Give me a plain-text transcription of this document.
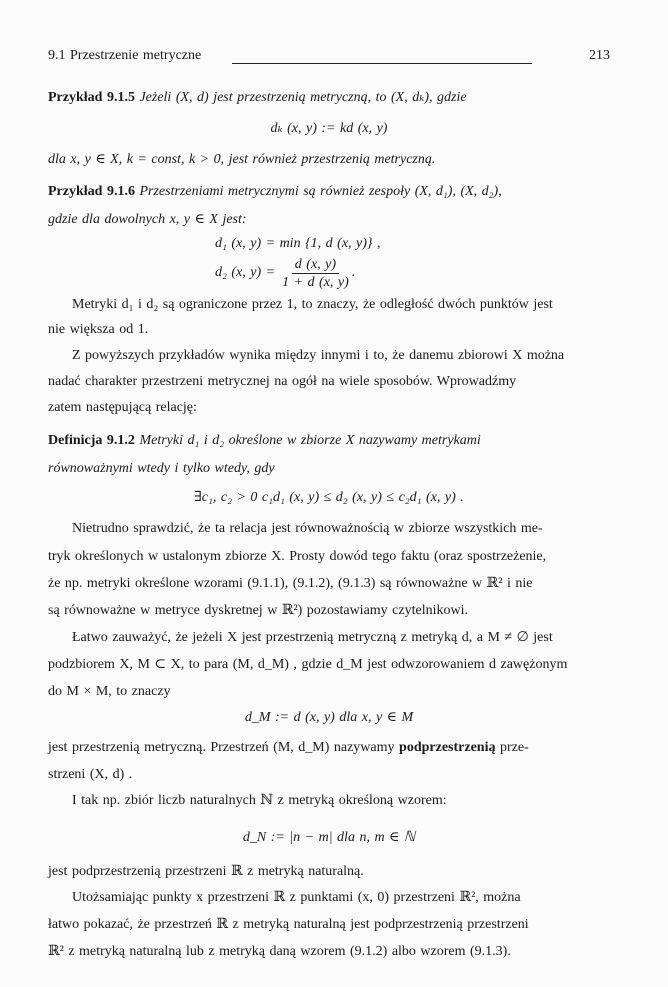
9.1 Przestrzenie metryczne	213
Przykład 9.1.5 Jeżeli (X, d) jest przestrzenią metryczną, to (X, dₖ), gdzie
dₖ (x, y) := kd (x, y)
dla x, y ∈ X, k = const, k > 0, jest również przestrzenią metryczną.
Przykład 9.1.6 Przestrzeniami metrycznymi są również zespoły (X, d₁), (X, d₂),
gdzie dla dowolnych x, y ∈ X jest:
d₁ (x, y) = min {1, d (x, y)} ,
d₂ (x, $y) = \frac{d (x, y)}{1 + d (x, y)}$ .
Metryki d₁ i d₂ są ograniczone przez 1, to znaczy, że odległość dwóch punktów jest
nie większa od 1.
Z powyższych przykładów wynika między innymi i to, że danemu zbiorowi X można
nadać charakter przestrzeni metrycznej na ogół na wiele sposobów. Wprowadźmy
zatem następującą relację:
Definicja 9.1.2 Metryki d₁ i d₂ określone w zbiorze X nazywamy metrykami
równoważnymi wtedy i tylko wtedy, gdy
∃c₁, c₂ > 0 c₁d₁ (x, y) ≤ d₂ (x, y) ≤ c₂d₁ (x, y) .
Nietrudno sprawdzić, że ta relacja jest równoważnością w zbiorze wszystkich me-
tryk określonych w ustalonym zbiorze X. Prosty dowód tego faktu (oraz spostrzeżenie,
że np. metryki określone wzorami (9.1.1), (9.1.2), (9.1.3) są równoważne w ℝ² i nie
są równoważne w metryce dyskretnej w ℝ²) pozostawiamy czytelnikowi.
Łatwo zauważyć, że jeżeli X jest przestrzenią metryczną z metryką d, a M ≠ ∅ jest
podzbiorem X, M ⊂ X, to para (M, d_M) , gdzie d_M jest odwzorowaniem d zawężonym
do M × M, to znaczy
d_M := d (x, y) dla x, y ∈ M
jest przestrzenią metryczną. Przestrzeń (M, d_M) nazywamy podprzestrzenią prze-
strzeni (X, d) .
I tak np. zbiór liczb naturalnych ℕ z metryką określoną wzorem:
d_N := |n − m| dla n, m ∈ ℕ
jest podprzestrzenią przestrzeni ℝ z metryką naturalną.
Utożsamiając punkty x przestrzeni ℝ z punktami (x, 0) przestrzeni ℝ², można
łatwo pokazać, że przestrzeń ℝ z metryką naturalną jest podprzestrzenią przestrzeni
ℝ² z metryką naturalną lub z metryką daną wzorem (9.1.2) albo wzorem (9.1.3).
